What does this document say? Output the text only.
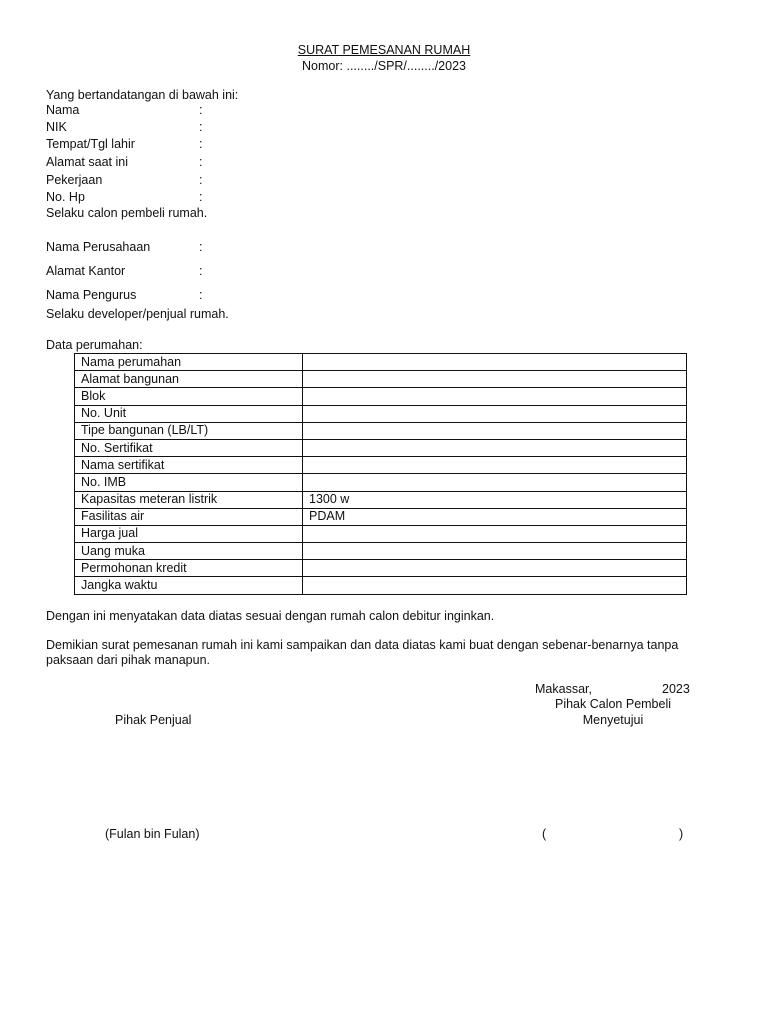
SURAT PEMESANAN RUMAH
Nomor: ......../SPR/......../2023
Yang bertandatangan di bawah ini:
Nama	:
NIK	:
Tempat/Tgl lahir	:
Alamat saat ini	:
Pekerjaan	:
No. Hp	:
Selaku calon pembeli rumah.
Nama Perusahaan	:
Alamat Kantor	:
Nama Pengurus	:
Selaku developer/penjual rumah.
Data perumahan:
Nama perumahan	
Alamat bangunan	
Blok	
No. Unit	
Tipe bangunan (LB/LT)	
No. Sertifikat	
Nama sertifikat	
No. IMB	
Kapasitas meteran listrik	1300 w
Fasilitas air	PDAM
Harga jual	
Uang muka	
Permohonan kredit	
Jangka waktu	
Dengan ini menyatakan data diatas sesuai dengan rumah calon debitur inginkan.
Demikian surat pemesanan rumah ini kami sampaikan dan data diatas kami buat dengan sebenar-benarnya tanpa
paksaan dari pihak manapun.
Makassar,	2023
Pihak Calon Pembeli
Menyetujui
Pihak Penjual
(Fulan bin Fulan)	(	)
